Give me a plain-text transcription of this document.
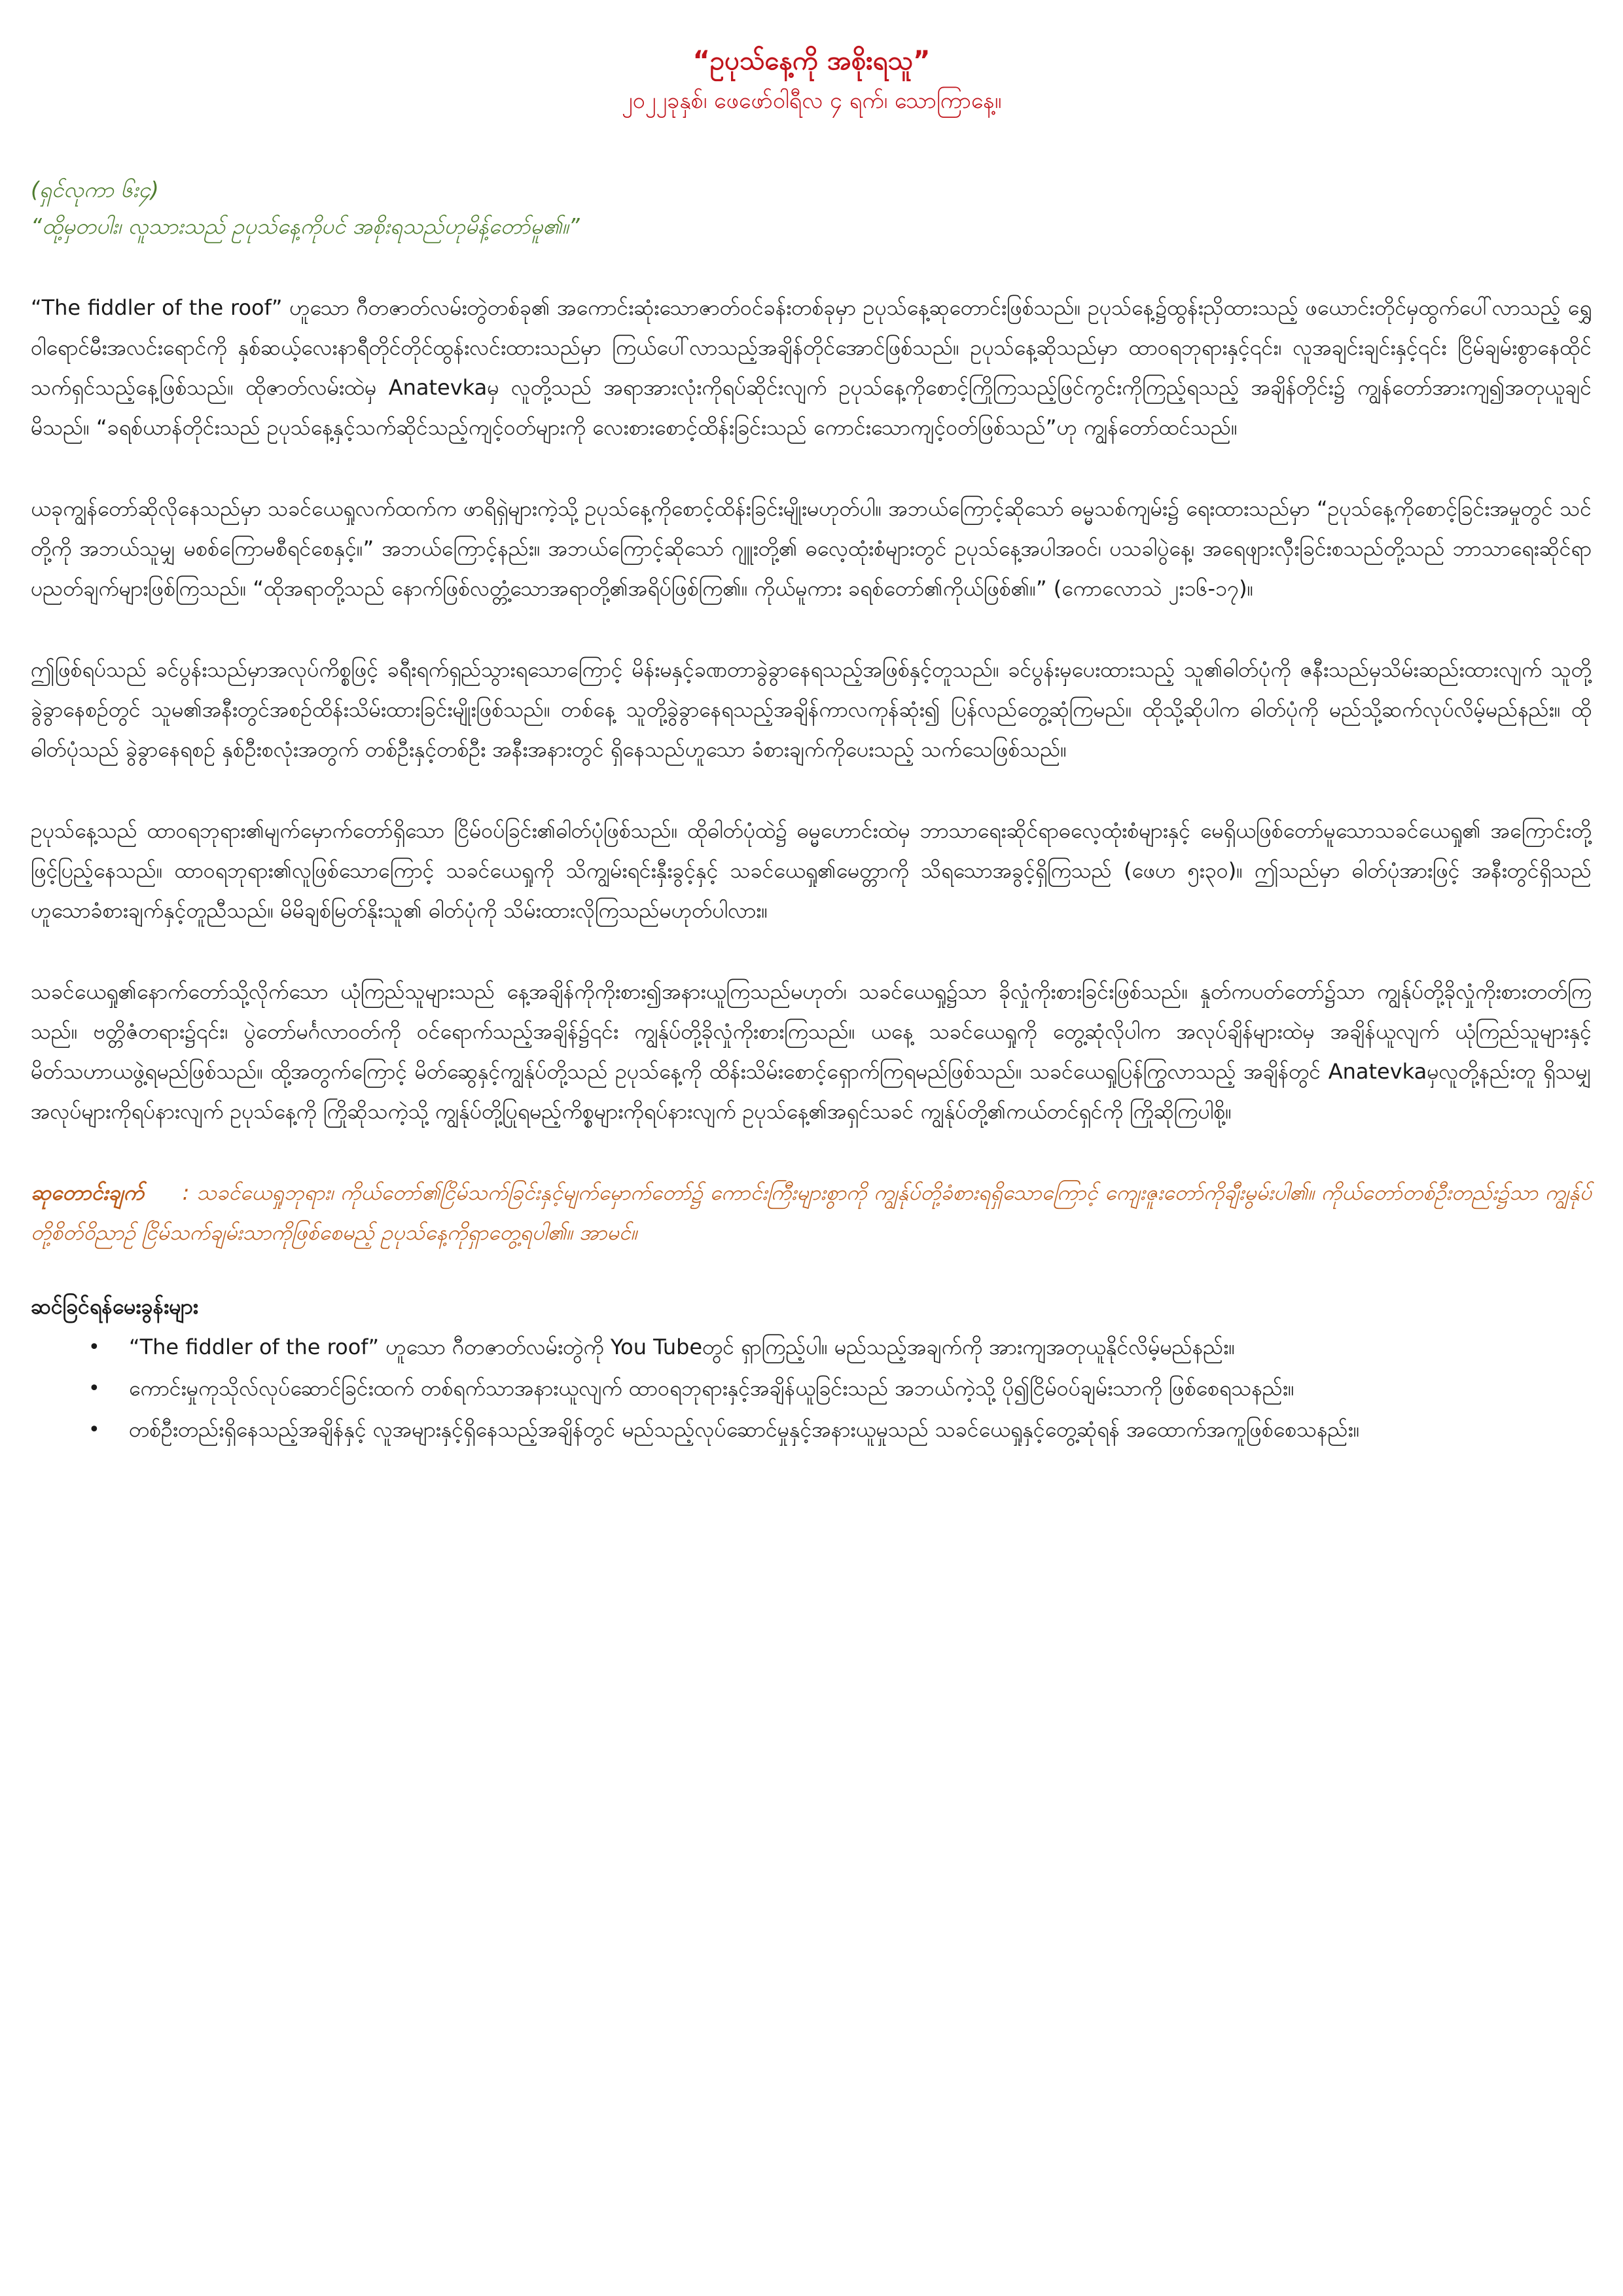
“ဥပုသ်နေ့ကို အစိုးရသူ”

၂၀၂၂ခုနှစ်၊ ဖေဖော်ဝါရီလ ၄ ရက်၊ သောကြာနေ့။

(ရှင်လုကာ ၆း၄)

“ထို့မှတပါး၊ လူသားသည် ဥပုသ်နေ့ကိုပင် အစိုးရသည်ဟုမိန့်တော်မူ၏။”

“The fiddler of the roof” ဟူသော ဂီတဇာတ်လမ်းတွဲတစ်ခု၏ အကောင်းဆုံးသောဇာတ်ဝင်ခန်းတစ်ခုမှာ ဥပုသ်နေ့ဆုတောင်းဖြစ်သည်။ ဥပုသ်နေ့၌ထွန်းညှိထားသည့် ဖယောင်းတိုင်မှထွက်ပေါ်လာသည့် ရွှေဝါရောင်မီးအလင်းရောင်ကို နှစ်ဆယ့်လေးနာရီတိုင်တိုင်ထွန်းလင်းထားသည်မှာ ကြယ်ပေါ်လာသည့်အချိန်တိုင်အောင်ဖြစ်သည်။ ဥပုသ်နေ့ဆိုသည်မှာ ထာဝရဘုရားနှင့်၎င်း၊ လူအချင်းချင်းနှင့်၎င်း ငြိမ်ချမ်းစွာနေထိုင်သက်ရှင်သည့်နေ့ဖြစ်သည်။ ထိုဇာတ်လမ်းထဲမှ Anatevkaမှ လူတို့သည် အရာအားလုံးကိုရပ်ဆိုင်းလျက် ဥပုသ်နေ့ကိုစောင့်ကြိုကြသည့်ဖြင်ကွင်းကိုကြည့်ရသည့် အချိန်တိုင်း၌ ကျွန်တော်အားကျ၍အတုယူချင်မိသည်။ “ခရစ်ယာန်တိုင်းသည် ဥပုသ်နေ့နှင့်သက်ဆိုင်သည့်ကျင့်ဝတ်များကို လေးစားစောင့်ထိန်းခြင်းသည် ကောင်းသောကျင့်ဝတ်ဖြစ်သည်”ဟု ကျွန်တော်ထင်သည်။

ယခုကျွန်တော်ဆိုလိုနေသည်မှာ သခင်ယေရှုလက်ထက်က ဖာရိရှဲများကဲ့သို့ ဥပုသ်နေ့ကိုစောင့်ထိန်းခြင်းမျိုးမဟုတ်ပါ။ အဘယ်ကြောင့်ဆိုသော် ဓမ္မသစ်ကျမ်း၌ ရေးထားသည်မှာ “ဥပုသ်နေ့ကိုစောင့်ခြင်းအမှုတွင် သင်တို့ကို အဘယ်သူမျှ မစစ်ကြောမစီရင်စေနှင့်။” အဘယ်ကြောင့်နည်း။ အဘယ်ကြောင့်ဆိုသော် ဂျူးတို့၏ ဓလေ့ထုံးစံများတွင် ဥပုသ်နေ့အပါအဝင်၊ ပသခါပွဲနေ့၊ အရေဖျားလှီးခြင်းစသည်တို့သည် ဘာသာရေးဆိုင်ရာပညတ်ချက်များဖြစ်ကြသည်။ “ထိုအရာတို့သည် နောက်ဖြစ်လတ္တံ့သောအရာတို့၏အရိပ်ဖြစ်ကြ၏။ ကိုယ်မူကား ခရစ်တော်၏ကိုယ်ဖြစ်၏။” (ကောလောသဲ ၂း၁၆-၁၇)။

ဤဖြစ်ရပ်သည် ခင်ပွန်းသည်မှာအလုပ်ကိစ္စဖြင့် ခရီးရက်ရှည်သွားရသောကြောင့် မိန်းမနှင့်ခဏတာခွဲခွာနေရသည့်အဖြစ်နှင့်တူသည်။ ခင်ပွန်းမှပေးထားသည့် သူ၏ဓါတ်ပုံကို ဇနီးသည်မှသိမ်းဆည်းထားလျက် သူတို့ခွဲခွာနေစဉ်တွင် သူမ၏အနီးတွင်အစဉ်ထိန်းသိမ်းထားခြင်းမျိုးဖြစ်သည်။ တစ်နေ့ သူတို့ခွဲခွာနေရသည့်အချိန်ကာလကုန်ဆုံး၍ ပြန်လည်တွေ့ဆုံကြမည်။ ထိုသို့ဆိုပါက ဓါတ်ပုံကို မည်သို့ဆက်လုပ်လိမ့်မည်နည်း။ ထိုဓါတ်ပုံသည် ခွဲခွာနေရစဉ် နှစ်ဦးစလုံးအတွက် တစ်ဦးနှင့်တစ်ဦး အနီးအနားတွင် ရှိနေသည်ဟူသော ခံစားချက်ကိုပေးသည့် သက်သေဖြစ်သည်။

ဥပုသ်နေ့သည် ထာဝရဘုရား၏မျက်မှောက်တော်ရှိသော ငြိမ်ဝပ်ခြင်း၏ဓါတ်ပုံဖြစ်သည်။ ထိုဓါတ်ပုံထဲ၌ ဓမ္မဟောင်းထဲမှ ဘာသာရေးဆိုင်ရာဓလေ့ထုံးစံများနှင့် မေရှိယဖြစ်တော်မူသောသခင်ယေရှု၏ အကြောင်းတို့ဖြင့်ပြည့်နေသည်။ ထာဝရဘုရား၏လူဖြစ်သောကြောင့် သခင်ယေရှုကို သိကျွမ်းရင်းနှီးခွင့်နှင့် သခင်ယေရှု၏မေတ္တာကို သိရသောအခွင့်ရှိကြသည် (ဖေဟ ၅း၃၀)။ ဤသည်မှာ ဓါတ်ပုံအားဖြင့် အနီးတွင်ရှိသည်ဟူသောခံစားချက်နှင့်တူညီသည်။ မိမိချစ်မြတ်နိုးသူ၏ ဓါတ်ပုံကို သိမ်းထားလိုကြသည်မဟုတ်ပါလား။

သခင်ယေရှု၏နောက်တော်သို့လိုက်သော ယုံကြည်သူများသည် နေ့အချိန်ကိုကိုးစား၍အနားယူကြသည်မဟုတ်၊ သခင်ယေရှု၌သာ ခိုလှုံကိုးစားခြင်းဖြစ်သည်။ နှုတ်ကပတ်တော်၌သာ ကျွန်ုပ်တို့ခိုလှုံကိုးစားတတ်ကြသည်။ ဗတ္တိဇံတရား၌၎င်း၊ ပွဲတော်မင်္ဂလာဝတ်ကို ဝင်ရောက်သည့်အချိန်၌၎င်း ကျွန်ုပ်တို့ခိုလှုံကိုးစားကြသည်။ ယနေ့ သခင်ယေရှုကို တွေ့ဆုံလိုပါက အလုပ်ချိန်များထဲမှ အချိန်ယူလျက် ယုံကြည်သူများနှင့်မိတ်သဟာယဖွဲ့ရမည်ဖြစ်သည်။ ထို့အတွက်ကြောင့် မိတ်ဆွေနှင့်ကျွန်ုပ်တို့သည် ဥပုသ်နေ့ကို ထိန်းသိမ်းစောင့်ရှောက်ကြရမည်ဖြစ်သည်။ သခင်ယေရှုပြန်ကြွလာသည့် အချိန်တွင် Anatevkaမှလူတို့နည်းတူ ရှိသမျှအလုပ်များကိုရပ်နားလျက် ဥပုသ်နေ့ကို ကြိုဆိုသကဲ့သို့ ကျွန်ုပ်တို့ပြုရမည့်ကိစ္စများကိုရပ်နားလျက် ဥပုသ်နေ့၏အရှင်သခင် ကျွန်ုပ်တို့၏ကယ်တင်ရှင်ကို ကြိုဆိုကြပါစို့။

ဆုတောင်းချက် : သခင်ယေရှုဘုရား၊ ကိုယ်တော်၏ငြိမ်သက်ခြင်းနှင့်မျက်မှောက်တော်၌ ကောင်းကြီးများစွာကို ကျွန်ုပ်တို့ခံစားရရှိသောကြောင့် ကျေးဇူးတော်ကိုချီးမွမ်းပါ၏။ ကိုယ်တော်တစ်ဦးတည်း၌သာ ကျွန်ုပ်တို့စိတ်ဝိညာဉ် ငြိမ်သက်ချမ်းသာကိုဖြစ်စေမည့် ဥပုသ်နေ့ကိုရှာတွေ့ရပါ၏။ အာမင်။

ဆင်ခြင်ရန်မေးခွန်းများ

• “The fiddler of the roof” ဟူသော ဂီတဇာတ်လမ်းတွဲကို You Tubeတွင် ရှာကြည့်ပါ။ မည်သည့်အချက်ကို အားကျအတုယူနိုင်လိမ့်မည်နည်း။
• ကောင်းမှုကုသိုလ်လုပ်ဆောင်ခြင်းထက် တစ်ရက်သာအနားယူလျက် ထာဝရဘုရားနှင့်အချိန်ယူခြင်းသည် အဘယ်ကဲ့သို့ ပို၍ငြိမ်ဝပ်ချမ်းသာကို ဖြစ်စေရသနည်း။
• တစ်ဦးတည်းရှိနေသည့်အချိန်နှင့် လူအများနှင့်ရှိနေသည့်အချိန်တွင် မည်သည့်လုပ်ဆောင်မှုနှင့်အနားယူမှုသည် သခင်ယေရှုနှင့်တွေ့ဆုံရန် အထောက်အကူဖြစ်စေသနည်း။
